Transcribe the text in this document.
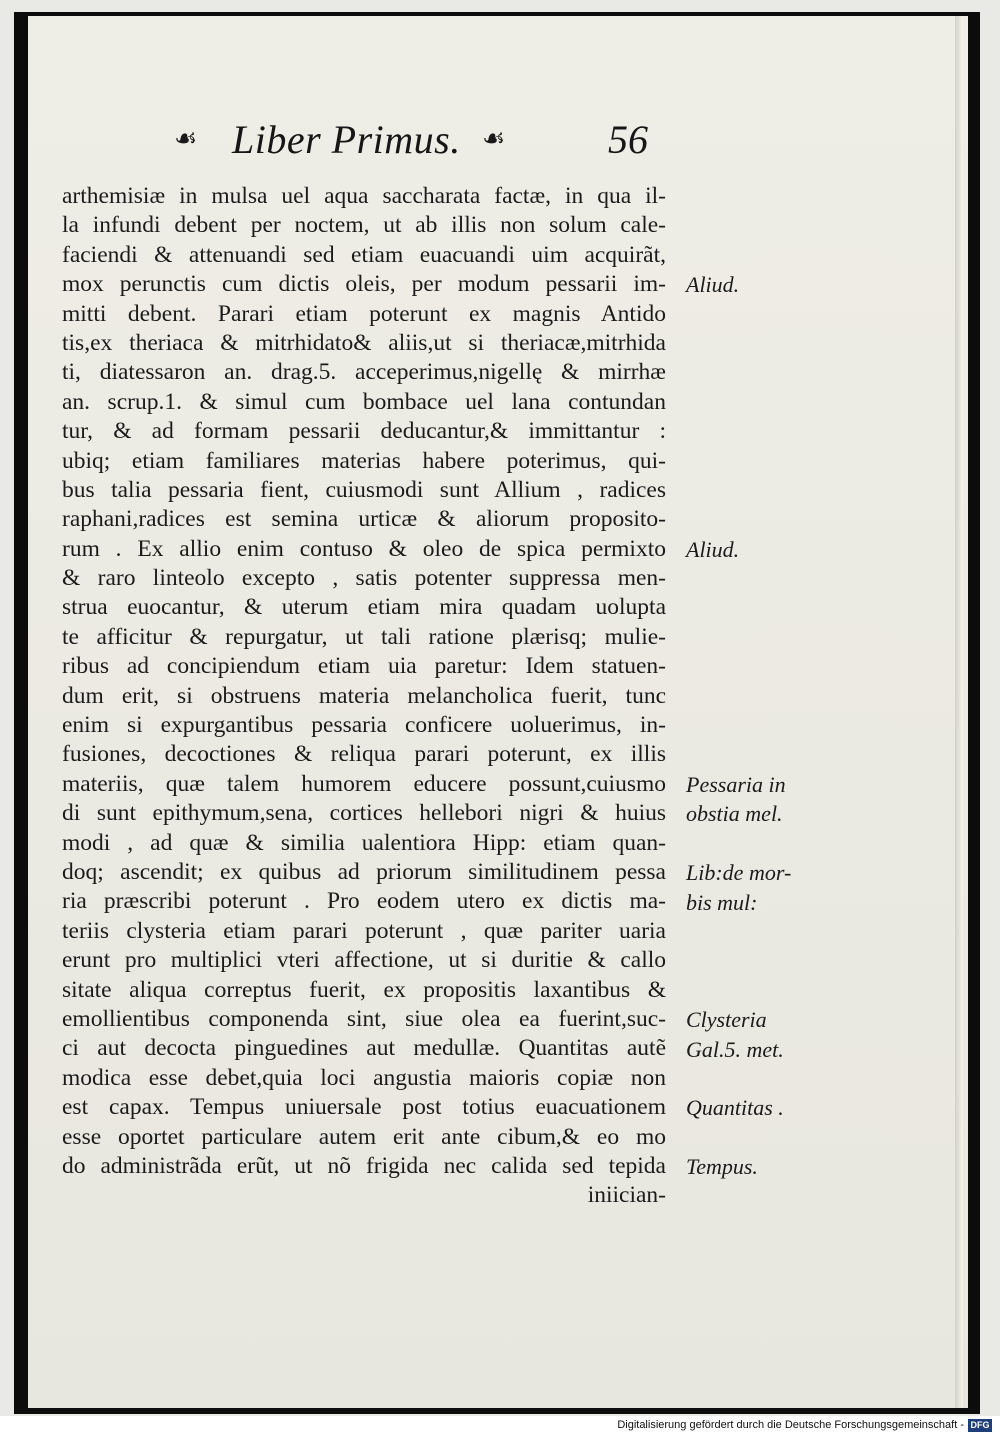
☙ Liber Primus. ☙	56
arthemisiæ in mulsa uel aqua saccharata factæ, in qua il-
la infundi debent per noctem, ut ab illis non solum cale-
faciendi & attenuandi sed etiam euacuandi uim acquirãt,
mox perunctis cum dictis oleis, per modum pessarii im-
mitti debent. Parari etiam poterunt ex magnis Antido
tis,ex theriaca & mitrhidato& aliis,ut si theriacæ,mitrhida
ti, diatessaron an. drag.5. acceperimus,nigellę & mirrhæ
an. scrup.1. & simul cum bombace uel lana contundan
tur, & ad formam pessarii deducantur,& immittantur :
ubiq; etiam familiares materias habere poterimus, qui-
bus talia pessaria fient, cuiusmodi sunt Allium , radices
raphani,radices est semina urticæ & aliorum proposito-
rum . Ex allio enim contuso & oleo de spica permixto
& raro linteolo excepto , satis potenter suppressa men-
strua euocantur, & uterum etiam mira quadam uolupta
te afficitur & repurgatur, ut tali ratione plærisq; mulie-
ribus ad concipiendum etiam uia paretur: Idem statuen-
dum erit, si obstruens materia melancholica fuerit, tunc
enim si expurgantibus pessaria conficere uoluerimus, in-
fusiones, decoctiones & reliqua parari poterunt, ex illis
materiis, quæ talem humorem educere possunt,cuiusmo
di sunt epithymum,sena, cortices hellebori nigri & huius
modi , ad quæ & similia ualentiora Hipp: etiam quan-
doq; ascendit; ex quibus ad priorum similitudinem pessa
ria præscribi poterunt . Pro eodem utero ex dictis ma-
teriis clysteria etiam parari poterunt , quæ pariter uaria
erunt pro multiplici vteri affectione, ut si duritie & callo
sitate aliqua correptus fuerit, ex propositis laxantibus &
emollientibus componenda sint, siue olea ea fuerint,suc-
ci aut decocta pinguedines aut medullæ. Quantitas autẽ
modica esse debet,quia loci angustia maioris copiæ non
est capax. Tempus uniuersale post totius euacuationem
esse oportet particulare autem erit ante cibum,& eo mo
do administrãda erũt, ut nõ frigida nec calida sed tepida
iniician-
Aliud.
Aliud.
Pessaria in
obstia mel.
Lib:de mor-
bis mul:
Clysteria
Gal.5. met.
Quantitas .
Tempus.
Digitalisierung gefördert durch die Deutsche Forschungsgemeinschaft - DFG
